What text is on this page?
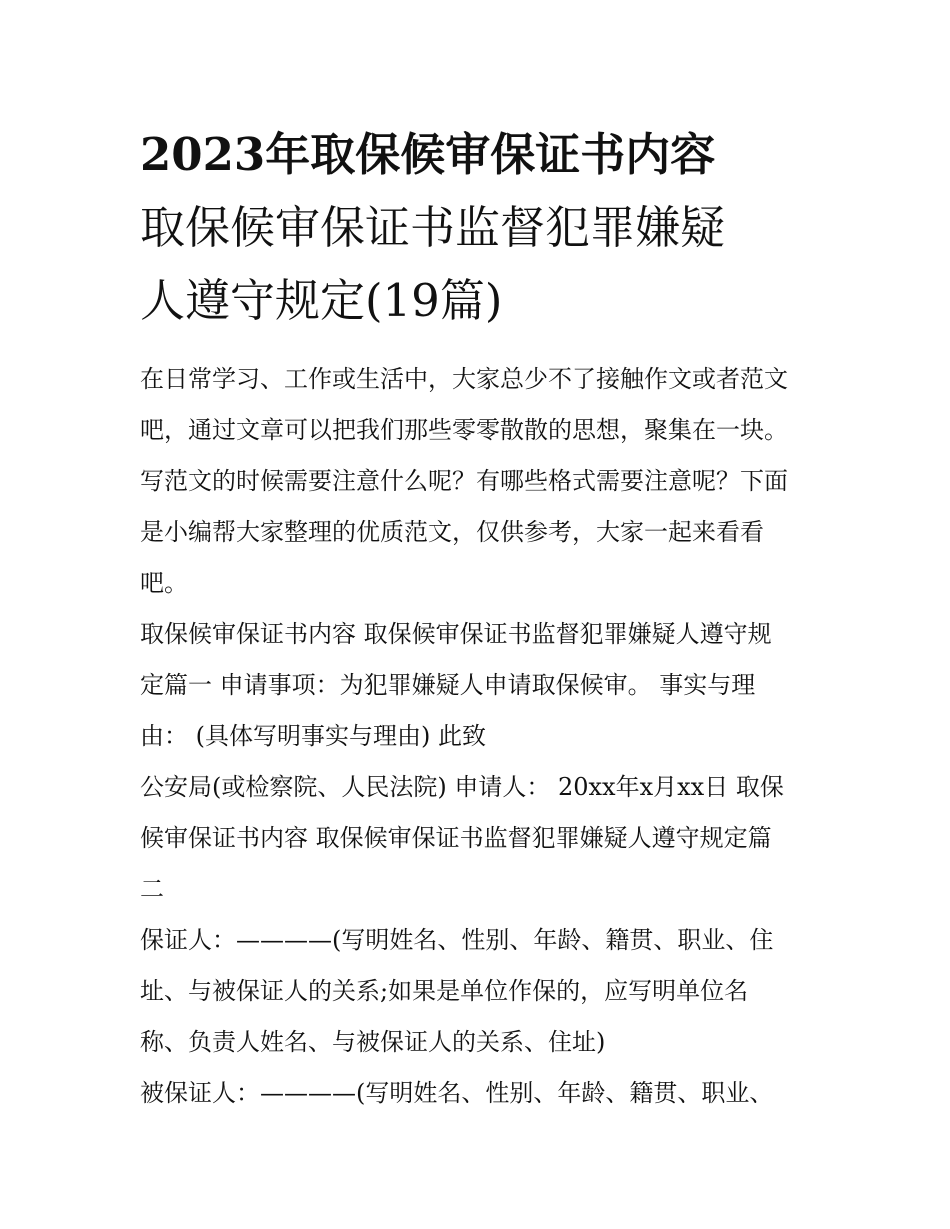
2023年取保候审保证书内容
取保候审保证书监督犯罪嫌疑
人遵守规定(19篇)
在日常学习、工作或生活中，大家总少不了接触作文或者范文
吧，通过文章可以把我们那些零零散散的思想，聚集在一块。
写范文的时候需要注意什么呢？有哪些格式需要注意呢？下面
是小编帮大家整理的优质范文，仅供参考，大家一起来看看
吧。
取保候审保证书内容 取保候审保证书监督犯罪嫌疑人遵守规
定篇一 申请事项：为犯罪嫌疑人申请取保候审。 事实与理
由： (具体写明事实与理由) 此致
公安局(或检察院、人民法院) 申请人： 20xx年x月xx日 取保
候审保证书内容 取保候审保证书监督犯罪嫌疑人遵守规定篇
二
保证人：————(写明姓名、性别、年龄、籍贯、职业、住
址、与被保证人的关系;如果是单位作保的，应写明单位名
称、负责人姓名、与被保证人的关系、住址)
被保证人：————(写明姓名、性别、年龄、籍贯、职业、
